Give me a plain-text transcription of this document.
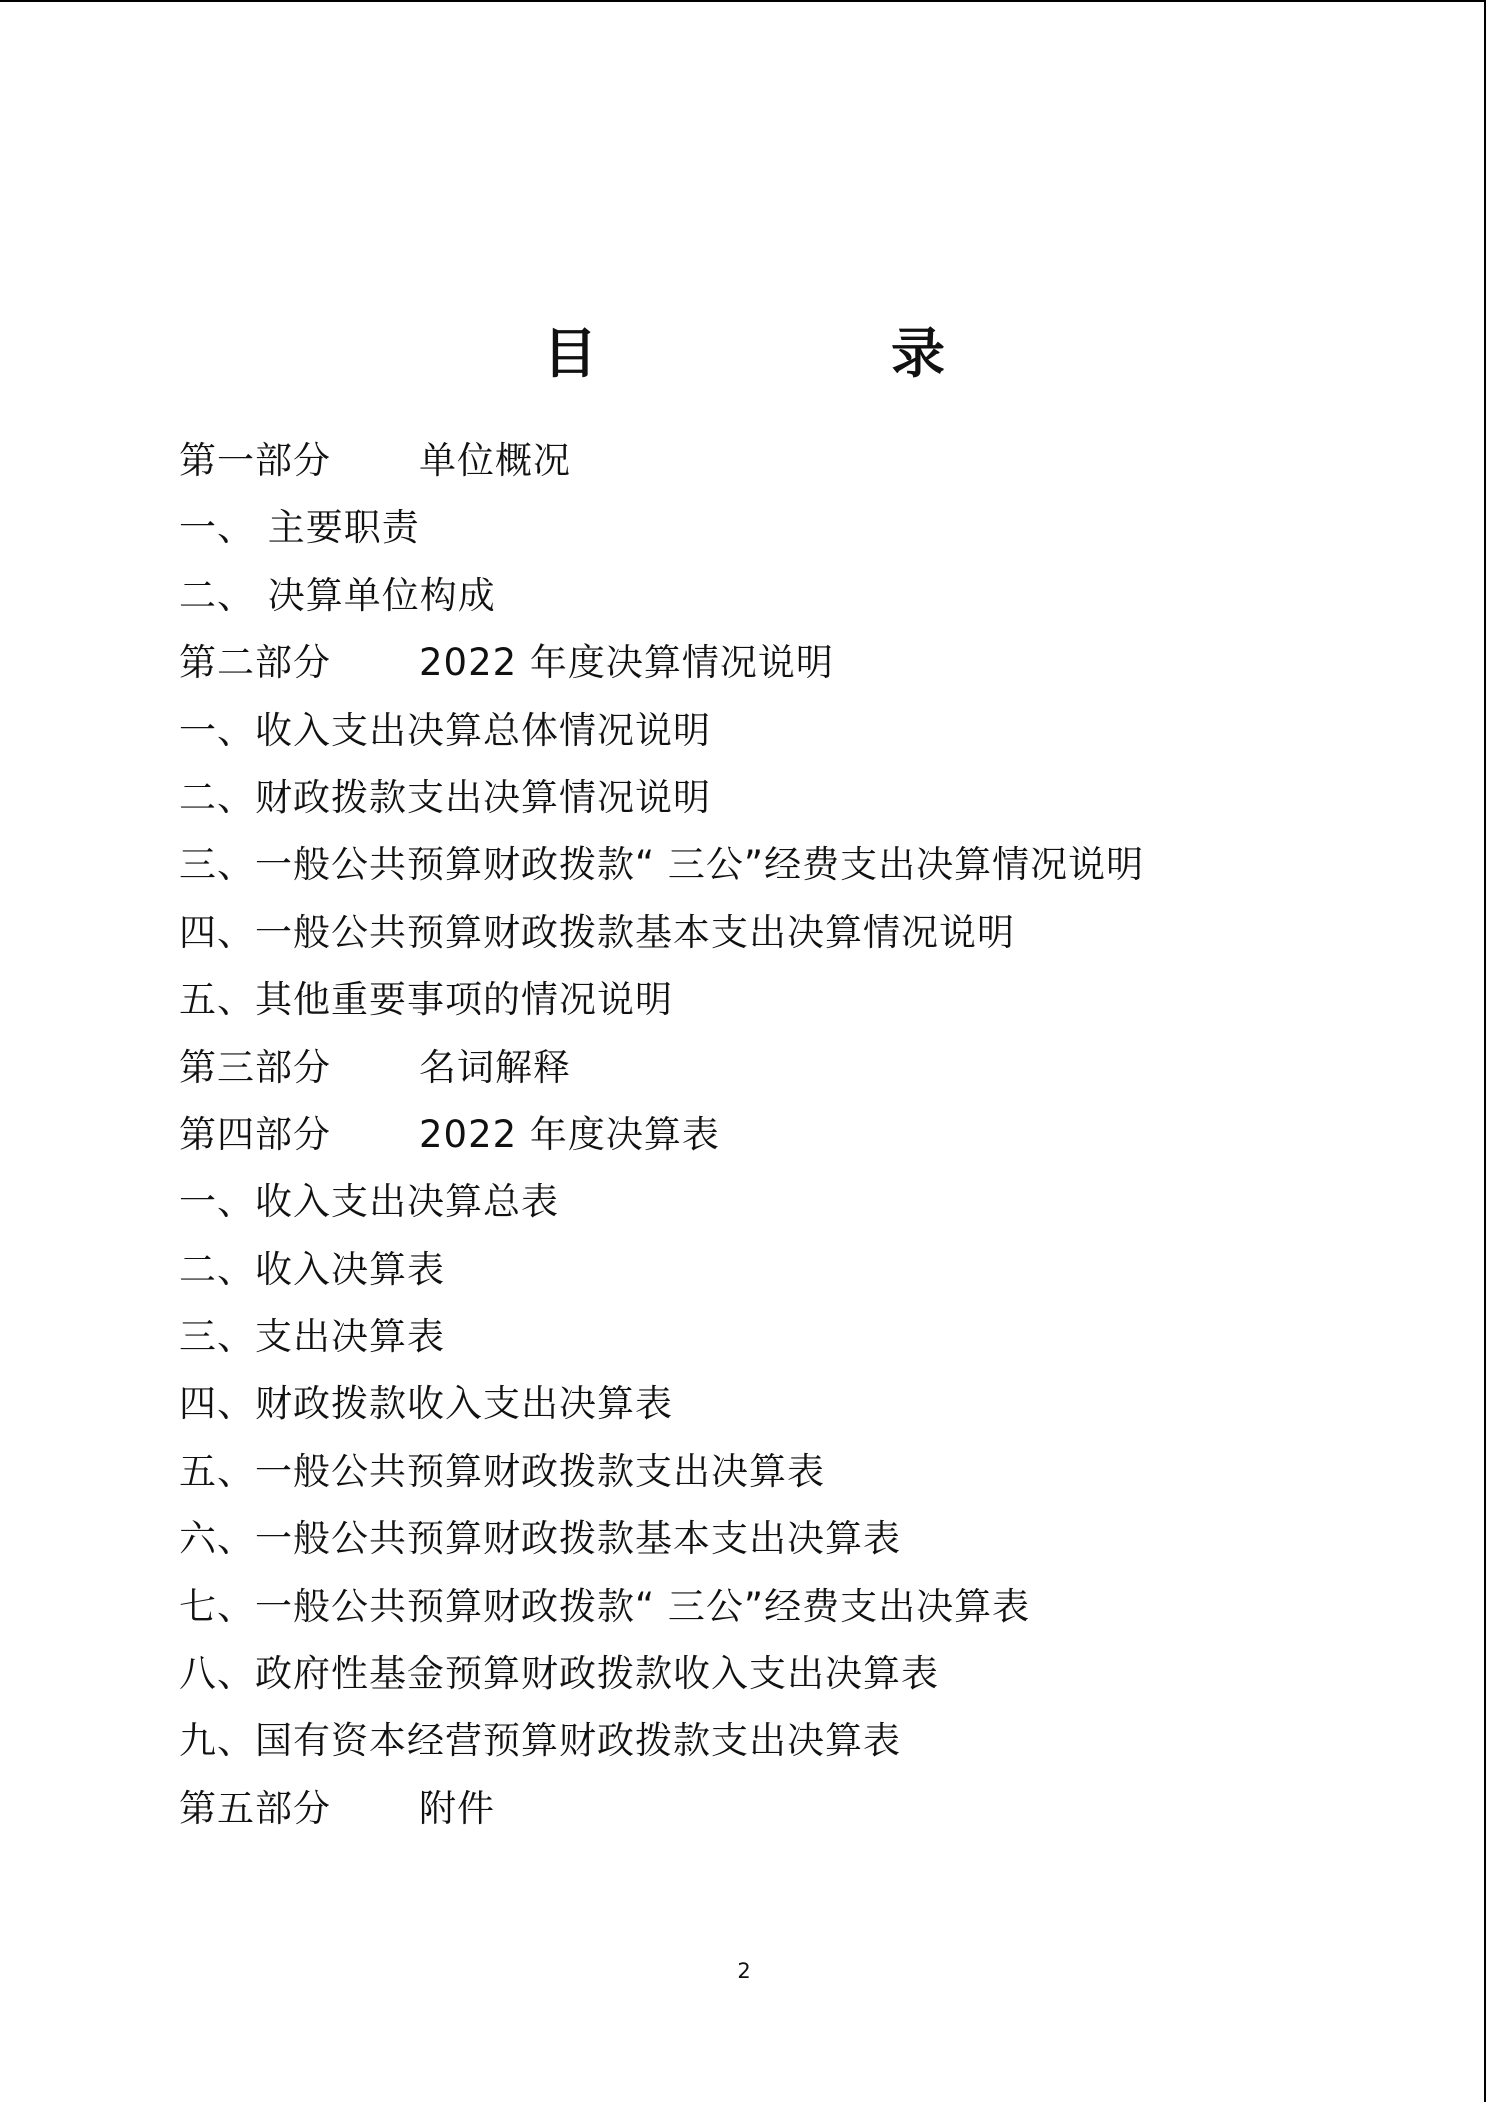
目　录
第一部分	单位概况
一、 主要职责
二、 决算单位构成
第二部分	2022 年度决算情况说明
一、收入支出决算总体情况说明
二、财政拨款支出决算情况说明
三、一般公共预算财政拨款“ 三公”经费支出决算情况说明
四、一般公共预算财政拨款基本支出决算情况说明
五、其他重要事项的情况说明
第三部分	名词解释
第四部分	2022 年度决算表
一、收入支出决算总表
二、收入决算表
三、支出决算表
四、财政拨款收入支出决算表
五、一般公共预算财政拨款支出决算表
六、一般公共预算财政拨款基本支出决算表
七、一般公共预算财政拨款“ 三公”经费支出决算表
八、政府性基金预算财政拨款收入支出决算表
九、国有资本经营预算财政拨款支出决算表
第五部分	附件
2
